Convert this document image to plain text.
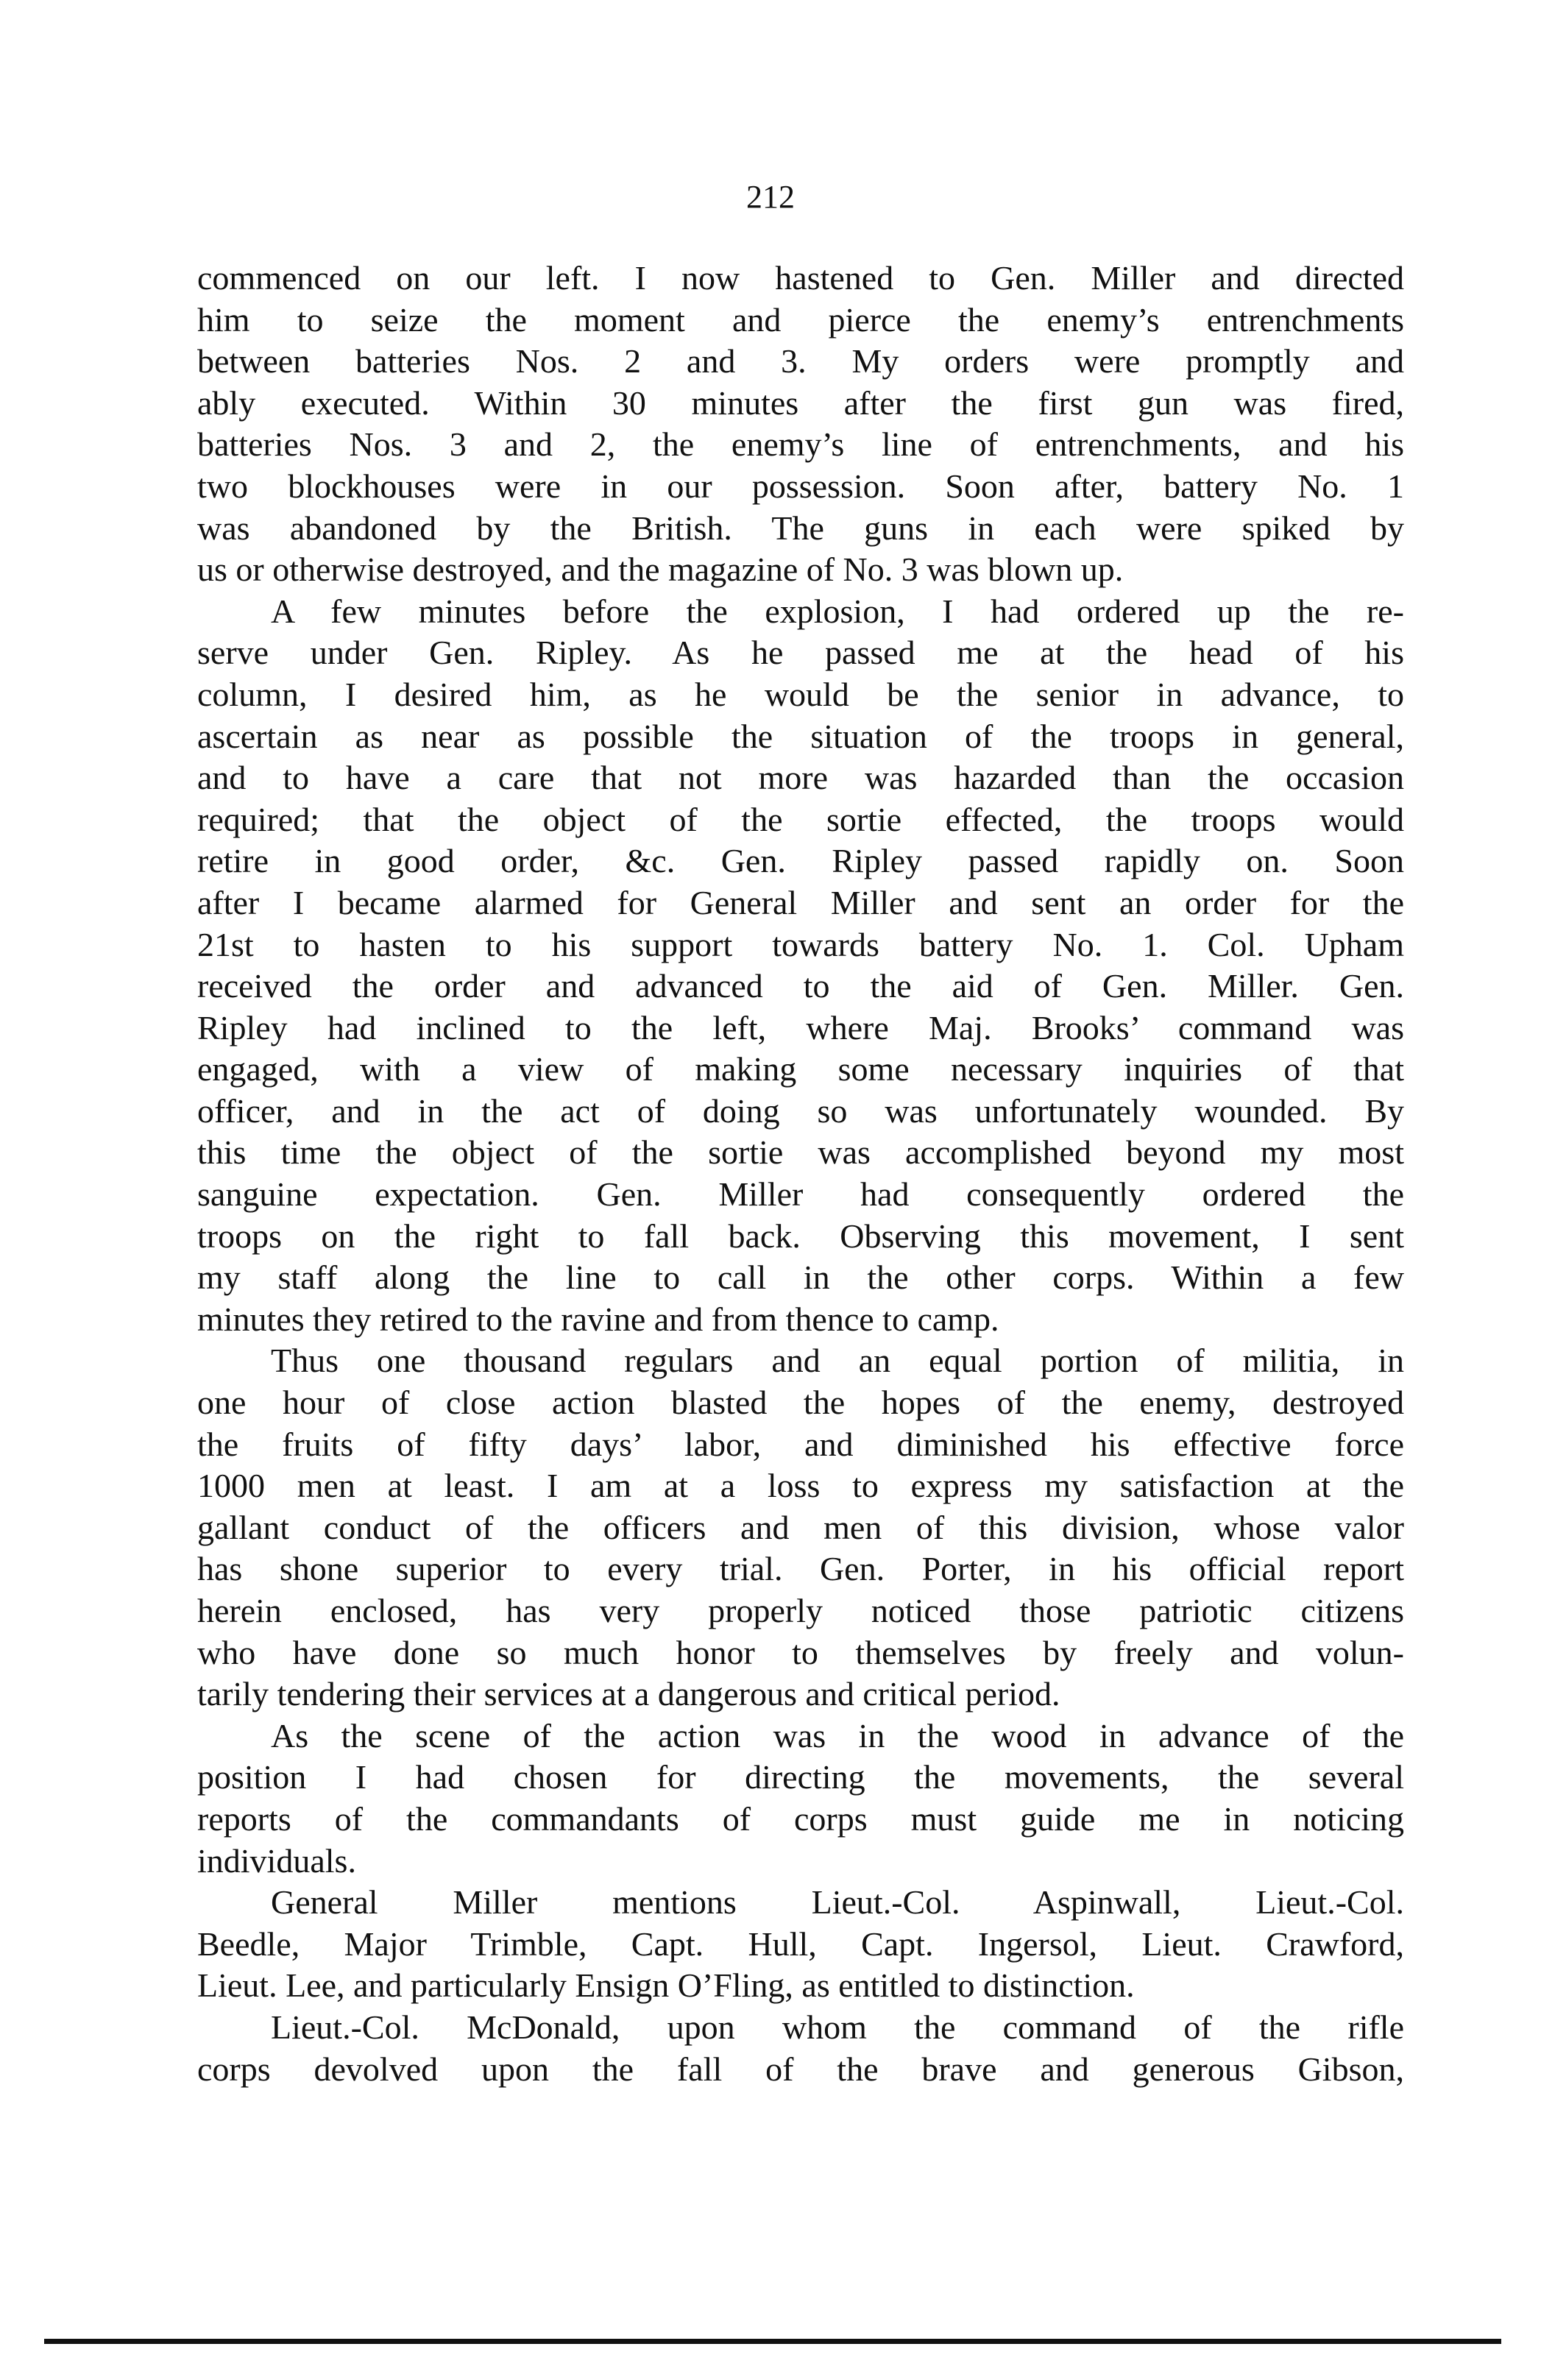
212
commenced on our left. I now hastened to Gen. Miller and directed
him to seize the moment and pierce the enemy’s entrenchments
between batteries Nos. 2 and 3. My orders were promptly and
ably executed. Within 30 minutes after the first gun was fired,
batteries Nos. 3 and 2, the enemy’s line of entrenchments, and his
two blockhouses were in our possession. Soon after, battery No. 1
was abandoned by the British. The guns in each were spiked by
us or otherwise destroyed, and the magazine of No. 3 was blown up.
A few minutes before the explosion, I had ordered up the re-
serve under Gen. Ripley. As he passed me at the head of his
column, I desired him, as he would be the senior in advance, to
ascertain as near as possible the situation of the troops in general,
and to have a care that not more was hazarded than the occasion
required; that the object of the sortie effected, the troops would
retire in good order, &c. Gen. Ripley passed rapidly on. Soon
after I became alarmed for General Miller and sent an order for the
21st to hasten to his support towards battery No. 1. Col. Upham
received the order and advanced to the aid of Gen. Miller. Gen.
Ripley had inclined to the left, where Maj. Brooks’ command was
engaged, with a view of making some necessary inquiries of that
officer, and in the act of doing so was unfortunately wounded. By
this time the object of the sortie was accomplished beyond my most
sanguine expectation. Gen. Miller had consequently ordered the
troops on the right to fall back. Observing this movement, I sent
my staff along the line to call in the other corps. Within a few
minutes they retired to the ravine and from thence to camp.
Thus one thousand regulars and an equal portion of militia, in
one hour of close action blasted the hopes of the enemy, destroyed
the fruits of fifty days’ labor, and diminished his effective force
1000 men at least. I am at a loss to express my satisfaction at the
gallant conduct of the officers and men of this division, whose valor
has shone superior to every trial. Gen. Porter, in his official report
herein enclosed, has very properly noticed those patriotic citizens
who have done so much honor to themselves by freely and volun-
tarily tendering their services at a dangerous and critical period.
As the scene of the action was in the wood in advance of the
position I had chosen for directing the movements, the several
reports of the commandants of corps must guide me in noticing
individuals.
General Miller mentions Lieut.-Col. Aspinwall, Lieut.-Col.
Beedle, Major Trimble, Capt. Hull, Capt. Ingersol, Lieut. Crawford,
Lieut. Lee, and particularly Ensign O’Fling, as entitled to distinction.
Lieut.-Col. McDonald, upon whom the command of the rifle
corps devolved upon the fall of the brave and generous Gibson,
